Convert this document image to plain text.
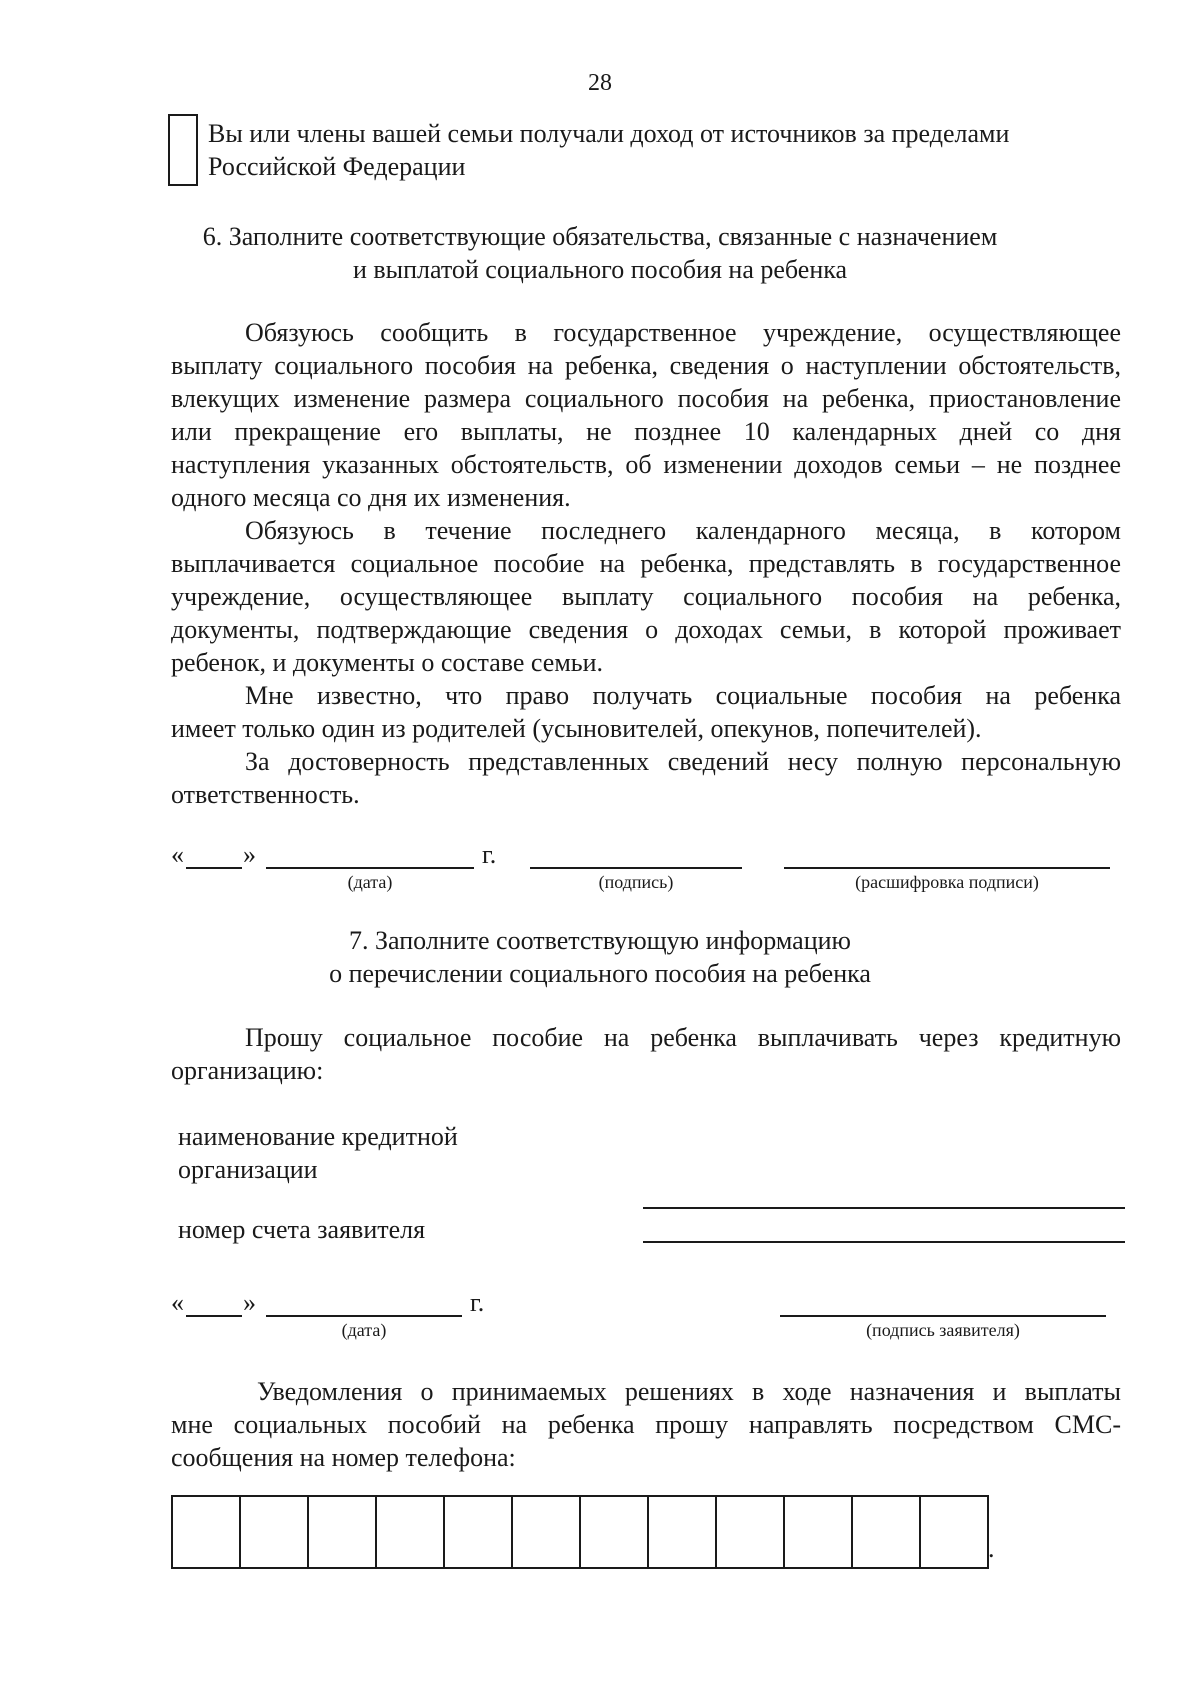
28
Вы или члены вашей семьи получали доход от источников за пределами
Российской Федерации
6. Заполните соответствующие обязательства, связанные с назначением
и выплатой социального пособия на ребенка
Обязуюсь сообщить в государственное учреждение, осуществляющее
выплату социального пособия на ребенка, сведения о наступлении обстоятельств,
влекущих изменение размера социального пособия на ребенка, приостановление
или прекращение его выплаты, не позднее 10 календарных дней со дня
наступления указанных обстоятельств, об изменении доходов семьи – не позднее
одного месяца со дня их изменения.
Обязуюсь в течение последнего календарного месяца, в котором
выплачивается социальное пособие на ребенка, представлять в государственное
учреждение, осуществляющее выплату социального пособия на ребенка,
документы, подтверждающие сведения о доходах семьи, в которой проживает
ребенок, и документы о составе семьи.
Мне известно, что право получать социальные пособия на ребенка
имеет только один из родителей (усыновителей, опекунов, попечителей).
За достоверность представленных сведений несу полную персональную
ответственность.
« »	г.
(дата)	(подпись)	(расшифровка подписи)
7. Заполните соответствующую информацию
о перечислении социального пособия на ребенка
Прошу социальное пособие на ребенка выплачивать через кредитную
организацию:
наименование кредитной
организации
номер счета заявителя
« »	г.
(дата)	(подпись заявителя)
Уведомления о принимаемых решениях в ходе назначения и выплаты
мне социальных пособий на ребенка прошу направлять посредством СМС-
сообщения на номер телефона:
.
